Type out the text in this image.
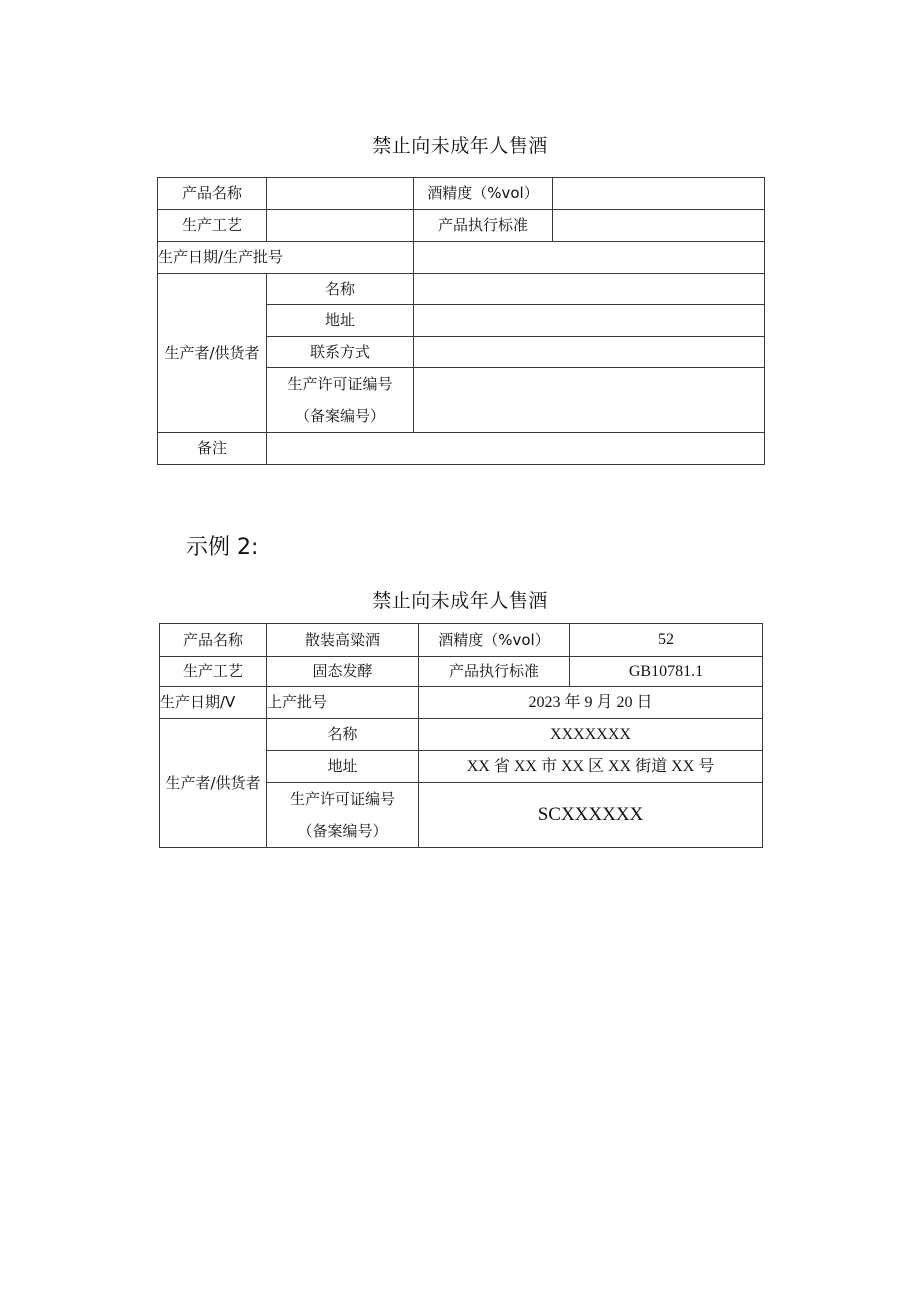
禁止向未成年人售酒
产品名称		酒精度（%vol）	
生产工艺		产品执行标准	
生产日期/生产批号			
生产者/供货者	名称		
	地址		
	联系方式		
	生产许可证编号（备案编号）		
备注			
示例 2:
禁止向未成年人售酒
产品名称	散装高粱酒	酒精度（%vol）	52
生产工艺	固态发酵	产品执行标准	GB10781.1
生产日期/V	上产批号	2023 年 9 月 20 日	
生产者/供货者	名称	XXXXXXX	
	地址	XX 省 XX 市 XX 区 XX 街道 XX 号	
	生产许可证编号（备案编号）	SCXXXXXX	
